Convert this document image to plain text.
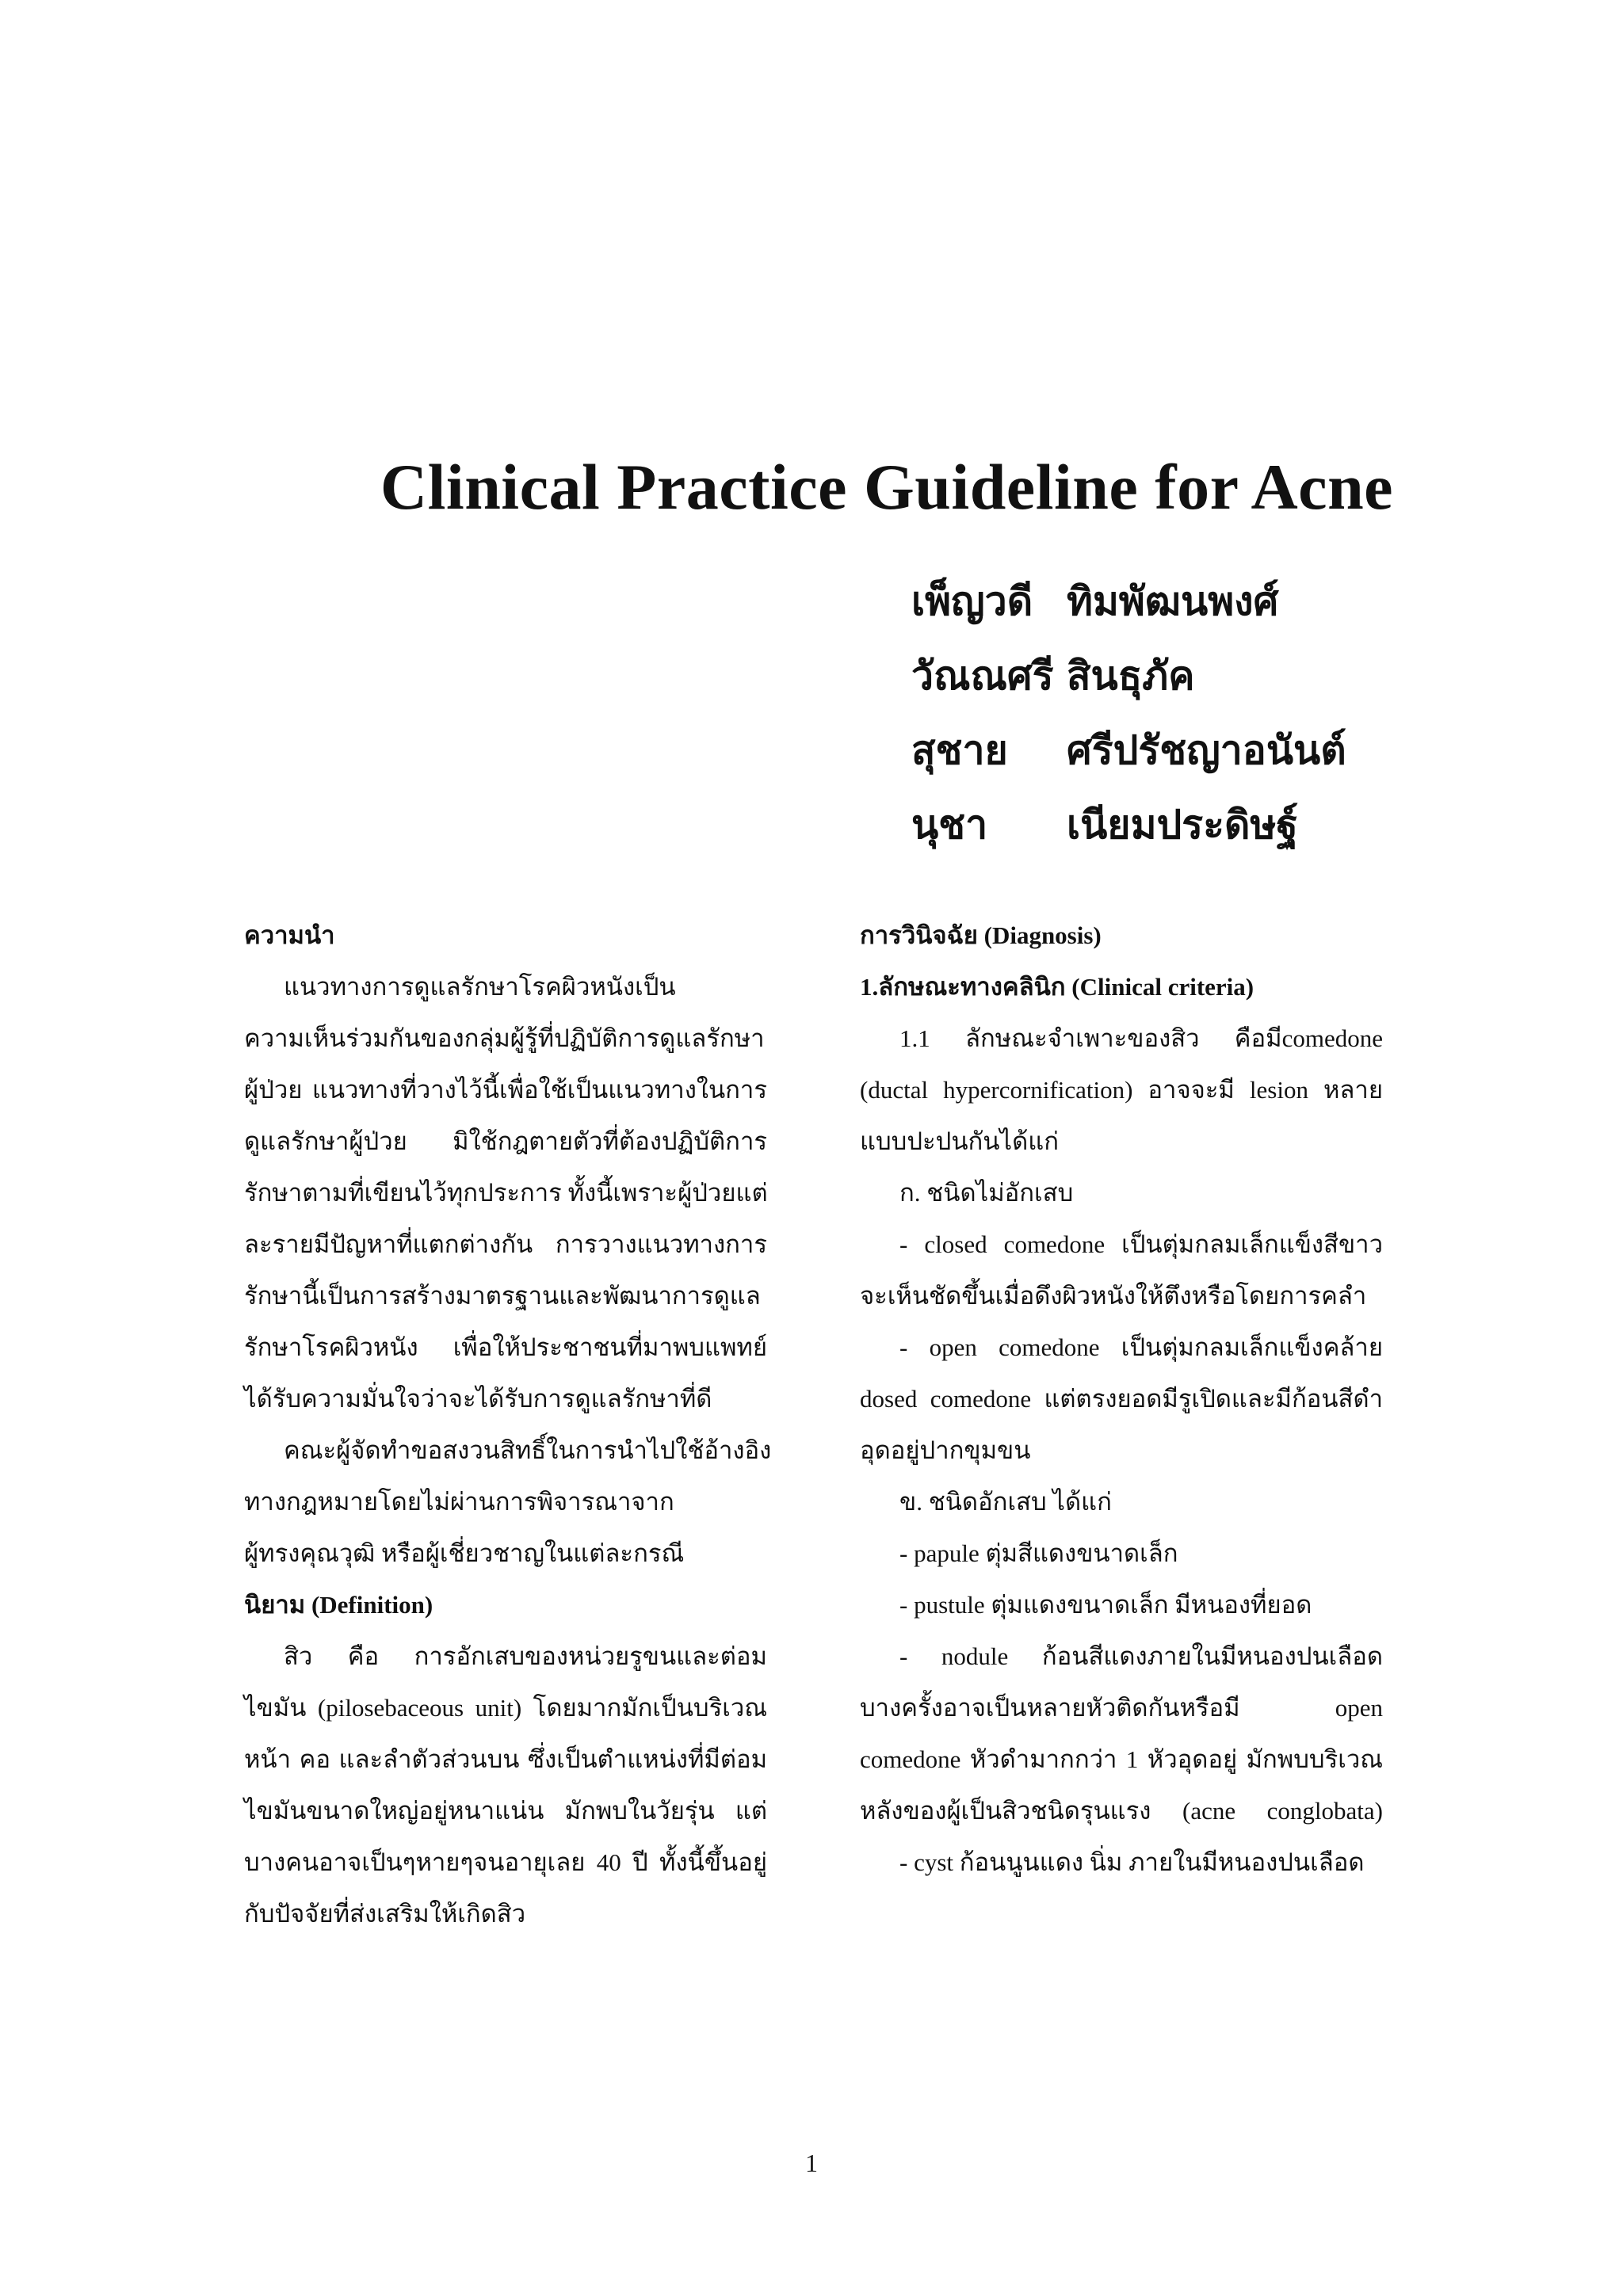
Clinical Practice Guideline for Acne
เพ็ญวดี ทิมพัฒนพงศ์
วัณณศรี สินธุภัค
สุชาย	ศรีปรัชญาอนันต์
นุชา	เนียมประดิษฐ์
ความนำ
แนวทางการดูแลรักษาโรคผิวหนังเป็น
ความเห็นร่วมกันของกลุ่มผู้รู้ที่ปฏิบัติการดูแลรักษา
ผู้ป่วย แนวทางที่วางไว้นี้เพื่อใช้เป็นแนวทางในการ
ดูแลรักษาผู้ป่วย มิใช้กฎตายตัวที่ต้องปฏิบัติการ
รักษาตามที่เขียนไว้ทุกประการ ทั้งนี้เพราะผู้ป่วยแต่
ละรายมีปัญหาที่แตกต่างกัน การวางแนวทางการ
รักษานี้เป็นการสร้างมาตรฐานและพัฒนาการดูแล
รักษาโรคผิวหนัง เพื่อให้ประชาชนที่มาพบแพทย์
ได้รับความมั่นใจว่าจะได้รับการดูแลรักษาที่ดี
คณะผู้จัดทำขอสงวนสิทธิ์ในการนำไปใช้อ้างอิง
ทางกฎหมายโดยไม่ผ่านการพิจารณาจาก
ผู้ทรงคุณวุฒิ หรือผู้เชี่ยวชาญในแต่ละกรณี
นิยาม (Definition)
สิว คือ การอักเสบของหน่วยรูขนและต่อม
ไขมัน (pilosebaceous unit) โดยมากมักเป็นบริเวณ
หน้า คอ และลำตัวส่วนบน ซึ่งเป็นตำแหน่งที่มีต่อม
ไขมันขนาดใหญ่อยู่หนาแน่น มักพบในวัยรุ่น แต่
บางคนอาจเป็นๆหายๆจนอายุเลย 40 ปี ทั้งนี้ขึ้นอยู่
กับปัจจัยที่ส่งเสริมให้เกิดสิว
การวินิจฉัย (Diagnosis)
1.ลักษณะทางคลินิก (Clinical criteria)
1.1 ลักษณะจำเพาะของสิว คือมีcomedone
(ductal hypercornification) อาจจะมี lesion หลาย
แบบปะปนกันได้แก่
ก. ชนิดไม่อักเสบ
- closed comedone เป็นตุ่มกลมเล็กแข็งสีขาว
จะเห็นชัดขึ้นเมื่อดึงผิวหนังให้ตึงหรือโดยการคลำ
- open comedone เป็นตุ่มกลมเล็กแข็งคล้าย
dosed comedone แต่ตรงยอดมีรูเปิดและมีก้อนสีดำ
อุดอยู่ปากขุมขน
ข. ชนิดอักเสบ ได้แก่
- papule ตุ่มสีแดงขนาดเล็ก
- pustule ตุ่มแดงขนาดเล็ก มีหนองที่ยอด
- nodule ก้อนสีแดงภายในมีหนองปนเลือด
บางครั้งอาจเป็นหลายหัวติดกันหรือมี open
comedone หัวดำมากกว่า 1 หัวอุดอยู่ มักพบบริเวณ
หลังของผู้เป็นสิวชนิดรุนแรง (acne conglobata)
- cyst ก้อนนูนแดง นิ่ม ภายในมีหนองปนเลือด
1
